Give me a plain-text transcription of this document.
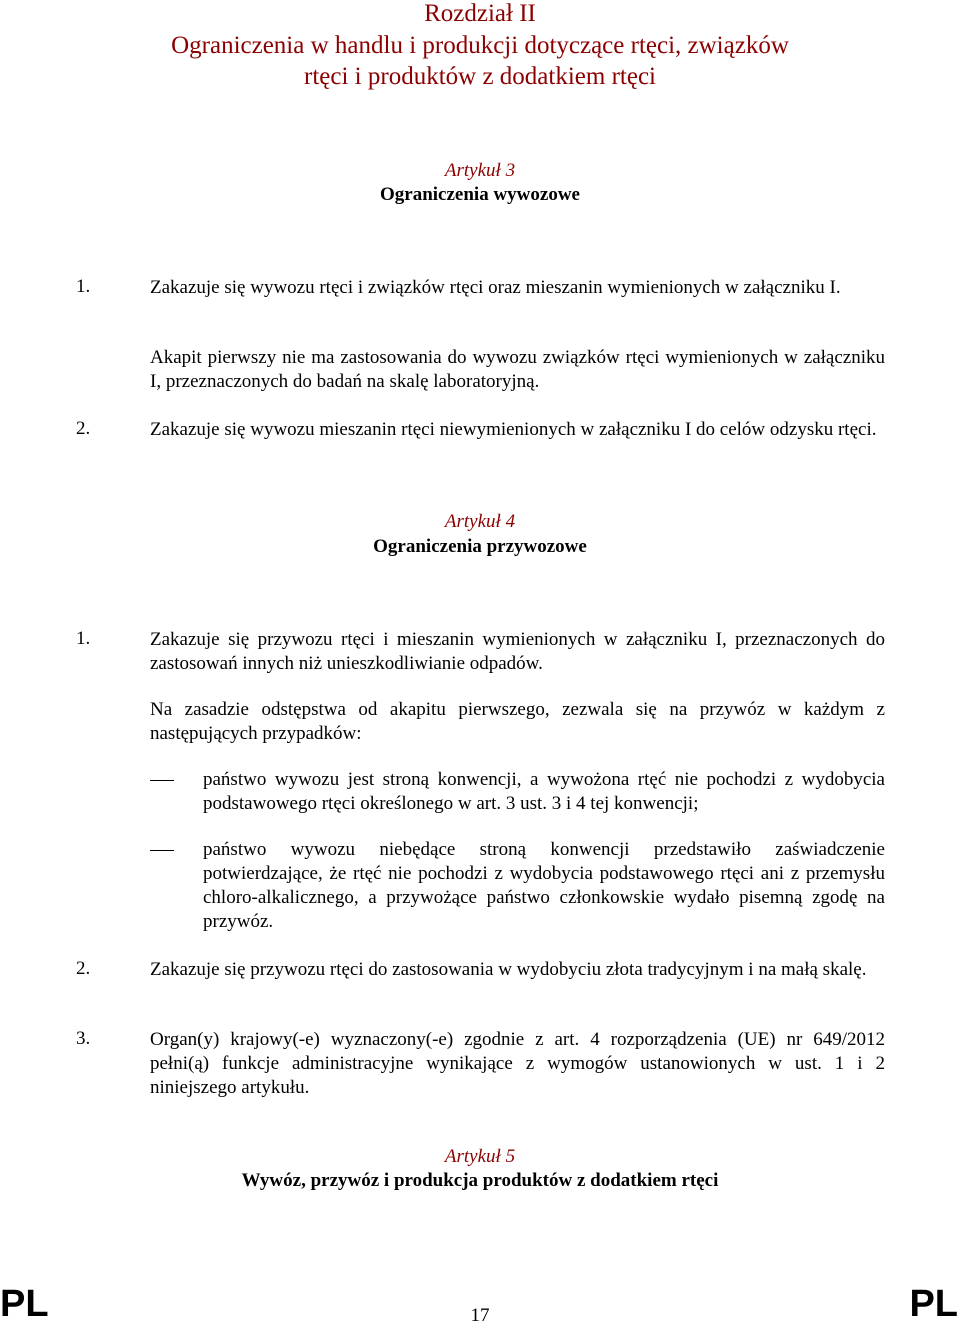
Rozdział II
Ograniczenia w handlu i produkcji dotyczące rtęci, związków
rtęci i produktów z dodatkiem rtęci
Artykuł 3
Ograniczenia wywozowe
1.	Zakazuje się wywozu rtęci i związków rtęci oraz mieszanin wymienionych w załączniku I.
Akapit pierwszy nie ma zastosowania do wywozu związków rtęci wymienionych w załączniku I, przeznaczonych do badań na skalę laboratoryjną.
2.	Zakazuje się wywozu mieszanin rtęci niewymienionych w załączniku I do celów odzysku rtęci.
Artykuł 4
Ograniczenia przywozowe
1.	Zakazuje się przywozu rtęci i mieszanin wymienionych w załączniku I, przeznaczonych do zastosowań innych niż unieszkodliwianie odpadów.
Na zasadzie odstępstwa od akapitu pierwszego, zezwala się na przywóz w każdym z następujących przypadków:
państwo wywozu jest stroną konwencji, a wywożona rtęć nie pochodzi z wydobycia podstawowego rtęci określonego w art. 3 ust. 3 i 4 tej konwencji;
państwo wywozu niebędące stroną konwencji przedstawiło zaświadczenie potwierdzające, że rtęć nie pochodzi z wydobycia podstawowego rtęci ani z przemysłu chloro-alkalicznego, a przywożące państwo członkowskie wydało pisemną zgodę na przywóz.
2.	Zakazuje się przywozu rtęci do zastosowania w wydobyciu złota tradycyjnym i na małą skalę.
3.	Organ(y) krajowy(-e) wyznaczony(-e) zgodnie z art. 4 rozporządzenia (UE) nr 649/2012 pełni(ą) funkcje administracyjne wynikające z wymogów ustanowionych w ust. 1 i 2 niniejszego artykułu.
Artykuł 5
Wywóz, przywóz i produkcja produktów z dodatkiem rtęci
PL	17	PL
